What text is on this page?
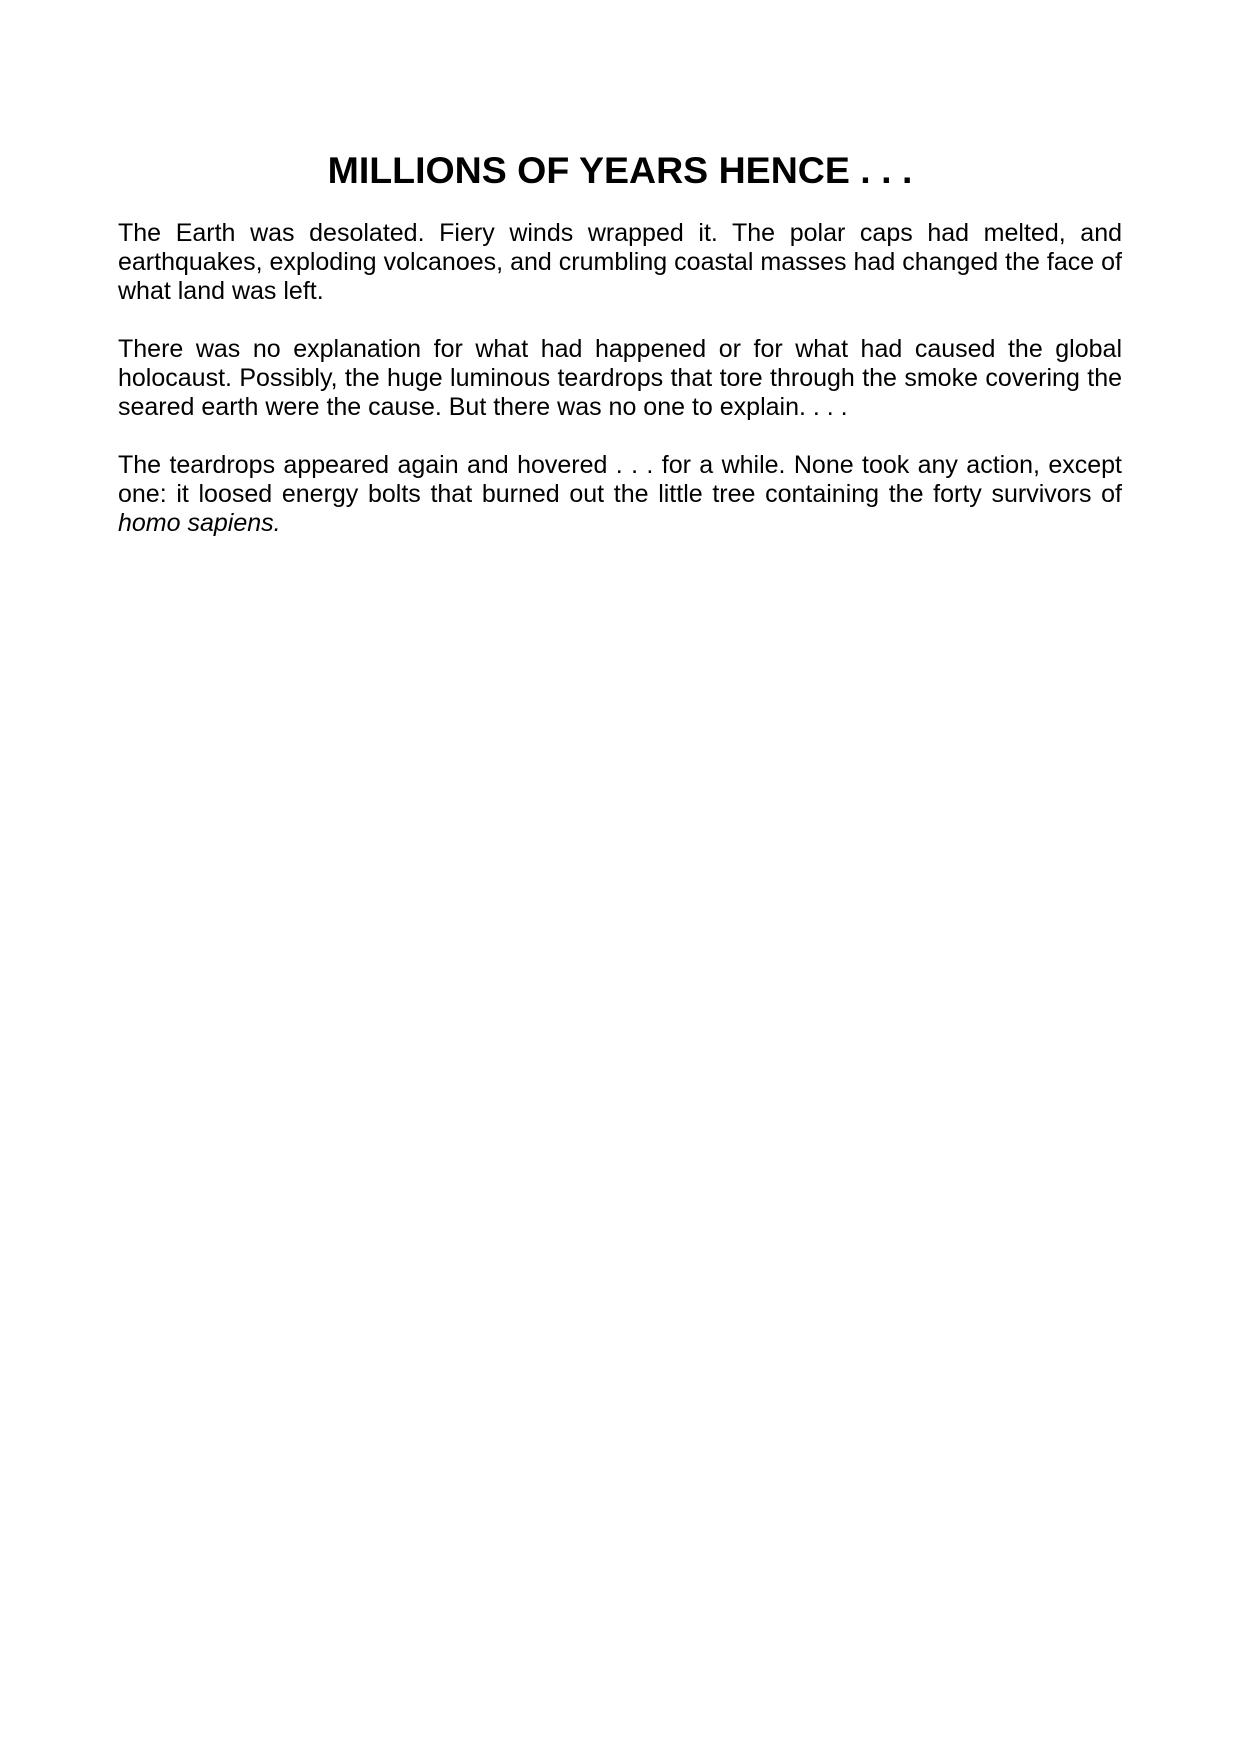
MILLIONS OF YEARS HENCE . . .

The Earth was desolated. Fiery winds wrapped it. The polar caps had melted, and earthquakes, exploding volcanoes, and crumbling coastal masses had changed the face of what land was left.

There was no explanation for what had happened or for what had caused the global holocaust. Possibly, the huge luminous teardrops that tore through the smoke covering the seared earth were the cause. But there was no one to explain. . . .

The teardrops appeared again and hovered . . . for a while. None took any action, except one: it loosed energy bolts that burned out the little tree containing the forty survivors of homo sapiens.
